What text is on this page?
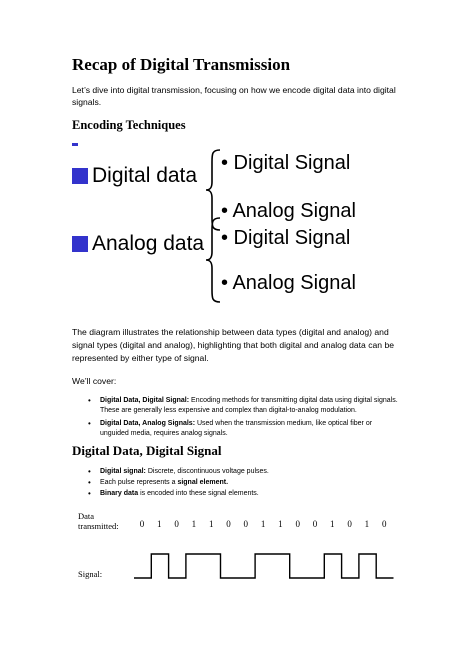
Recap of Digital Transmission
Let’s dive into digital transmission, focusing on how we encode digital data into digital signals.
Encoding Techniques
Digital data
• Digital Signal
• Analog Signal
Analog data • Digital Signal
• Analog Signal
The diagram illustrates the relationship between data types (digital and analog) and signal types (digital and analog), highlighting that both digital and analog data can be represented by either type of signal.
We’ll cover:
• Digital Data, Digital Signal: Encoding methods for transmitting digital data using digital signals. These are generally less expensive and complex than digital-to-analog modulation.
• Digital Data, Analog Signals: Used when the transmission medium, like optical fiber or unguided media, requires analog signals.
Digital Data, Digital Signal
• Digital signal: Discrete, discontinuous voltage pulses.
• Each pulse represents a signal element.
• Binary data is encoded into these signal elements.
Data
transmitted:	0	1	0	1	1	0	0	1	1	0	0	1	0	1	0
Signal:
